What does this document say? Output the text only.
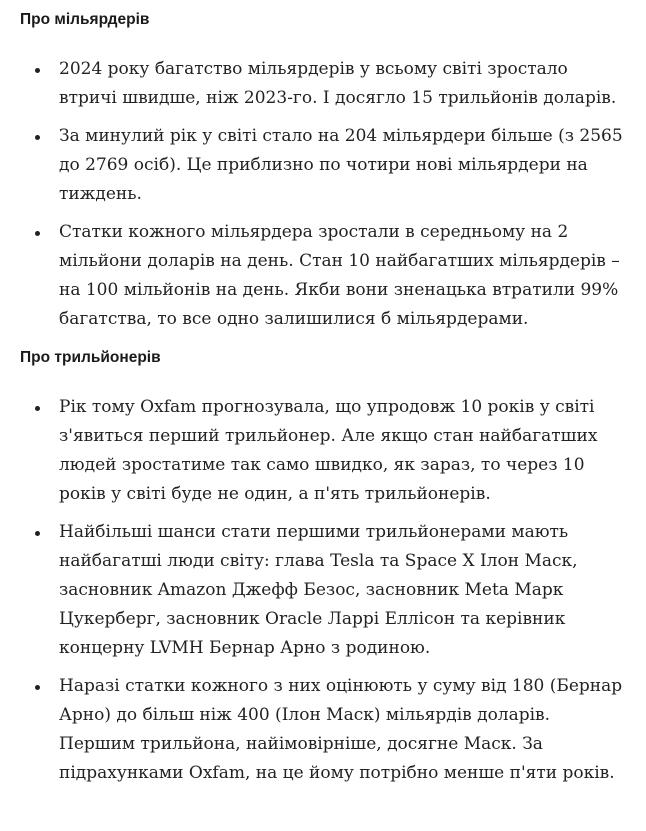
Про мільярдерів
2024 року багатство мільярдерів у всьому світі зростало втричі швидше, ніж 2023-го. І досягло 15 трильйонів доларів.
За минулий рік у світі стало на 204 мільярдери більше (з 2565 до 2769 осіб). Це приблизно по чотири нові мільярдери на тиждень.
Статки кожного мільярдера зростали в середньому на 2 мільйони доларів на день. Стан 10 найбагатших мільярдерів – на 100 мільйонів на день. Якби вони зненацька втратили 99% багатства, то все одно залишилися б мільярдерами.
Про трильйонерів
Рік тому Oxfam прогнозувала, що упродовж 10 років у світі з'явиться перший трильйонер. Але якщо стан найбагатших людей зростатиме так само швидко, як зараз, то через 10 років у світі буде не один, а п'ять трильйонерів.
Найбільші шанси стати першими трильйонерами мають найбагатші люди світу: глава Tesla та Space X Ілон Маск, засновник Amazon Джефф Безос, засновник Meta Марк Цукерберг, засновник Oracle Ларрі Еллісон та керівник концерну LVMH Бернар Арно з родиною.
Наразі статки кожного з них оцінюють у суму від 180 (Бернар Арно) до більш ніж 400 (Ілон Маск) мільярдів доларів. Першим трильйона, найімовірніше, досягне Маск. За підрахунками Oxfam, на це йому потрібно менше п'яти років.
